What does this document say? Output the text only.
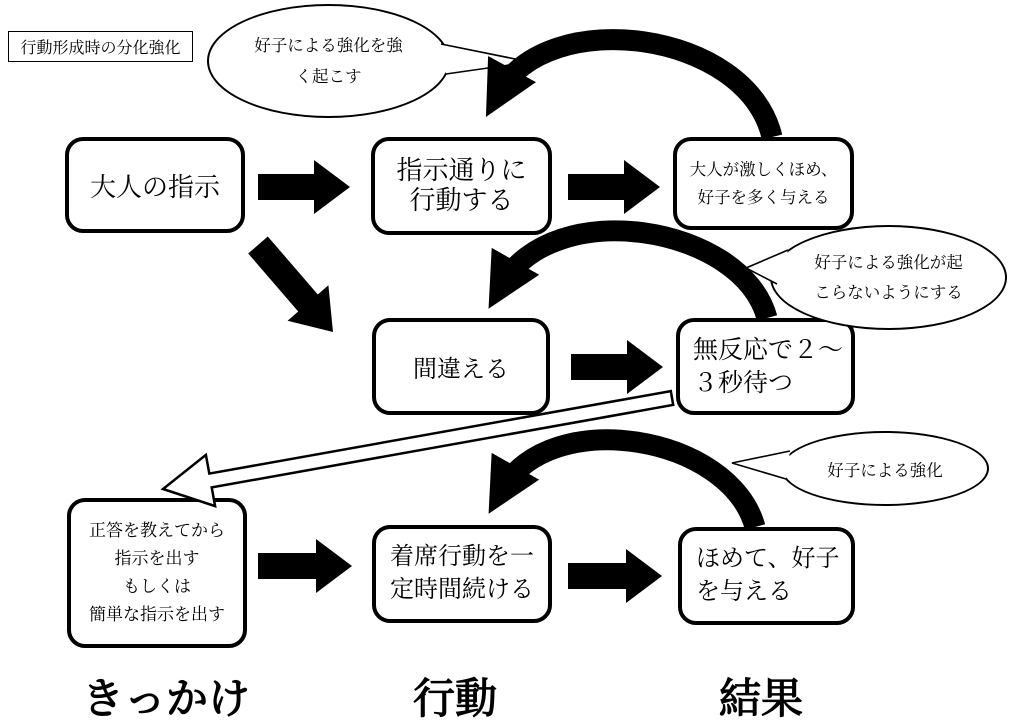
行動形成時の分化強化
大人の指示
指示通りに
行動する
大人が激しくほめ、
好子を多く与える
間違える
無反応で２～
３秒待つ
正答を教えてから
指示を出す
もしくは
簡単な指示を出す
着席行動を一
定時間続ける
ほめて、好子
を与える
好子による強化を強
く起こす
好子による強化が起
こらないようにする
好子による強化
きっかけ	行動	結果
